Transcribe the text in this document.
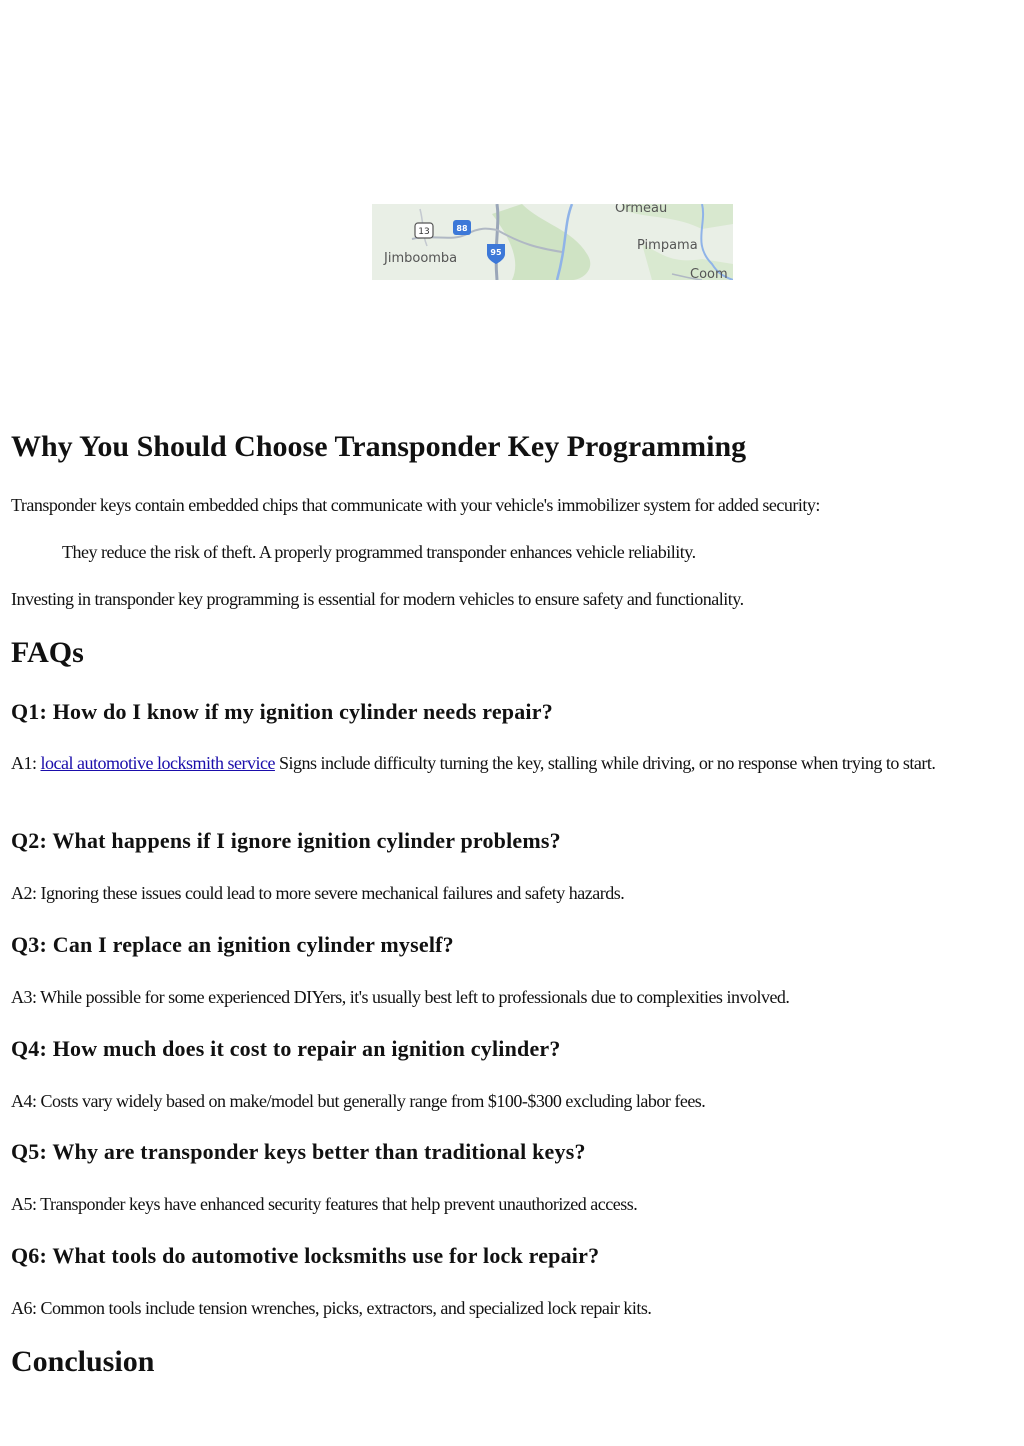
13	88
95
Ormeau
Jimboomba
Pimpama
Coom
Why You Should Choose Transponder Key Programming

Transponder keys contain embedded chips that communicate with your vehicle's immobilizer system for added security:

They reduce the risk of theft. A properly programmed transponder enhances vehicle reliability.

Investing in transponder key programming is essential for modern vehicles to ensure safety and functionality.

FAQs
Q1: How do I know if my ignition cylinder needs repair?

A1: local automotive locksmith service Signs include difficulty turning the key, stalling while driving, or no response when trying to start.

Q2: What happens if I ignore ignition cylinder problems?

A2: Ignoring these issues could lead to more severe mechanical failures and safety hazards.

Q3: Can I replace an ignition cylinder myself?

A3: While possible for some experienced DIYers, it's usually best left to professionals due to complexities involved.

Q4: How much does it cost to repair an ignition cylinder?

A4: Costs vary widely based on make/model but generally range from $100-$300 excluding labor fees.

Q5: Why are transponder keys better than traditional keys?

A5: Transponder keys have enhanced security features that help prevent unauthorized access.

Q6: What tools do automotive locksmiths use for lock repair?

A6: Common tools include tension wrenches, picks, extractors, and specialized lock repair kits.

Conclusion
